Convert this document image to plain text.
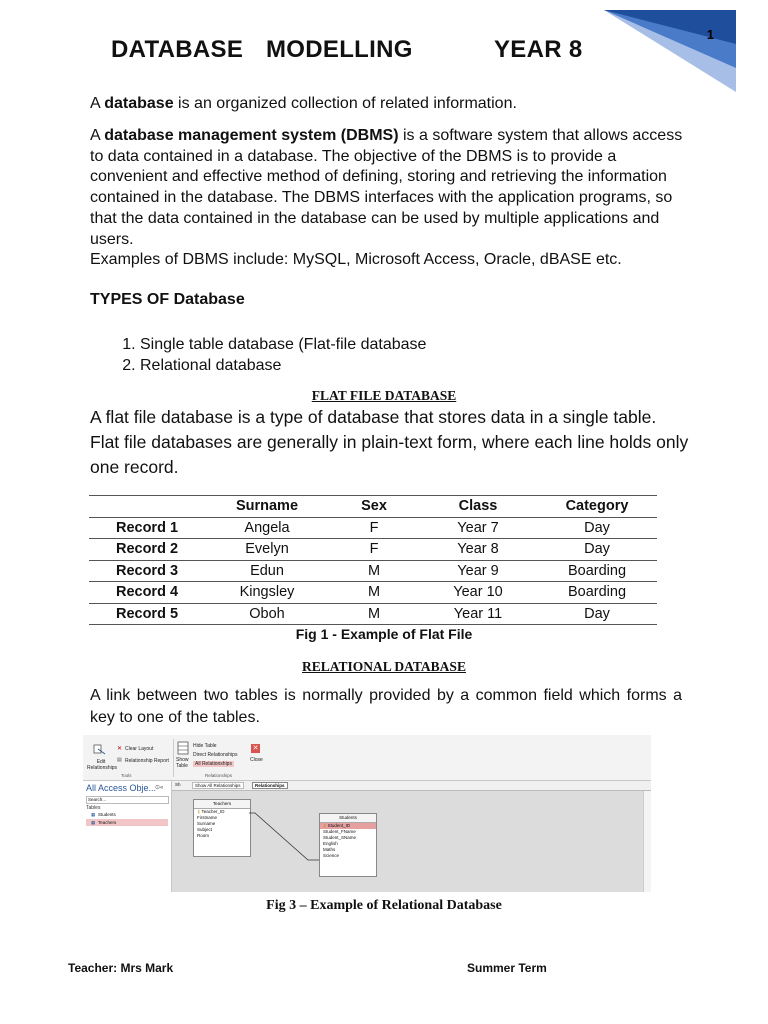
DATABASE MODELLING	YEAR 8
1
A database is an organized collection of related information.
A database management system (DBMS) is a software system that allows access to data contained in a database. The objective of the DBMS is to provide a convenient and effective method of defining, storing and retrieving the information contained in the database. The DBMS interfaces with the application programs, so that the data contained in the database can be used by multiple applications and users.
Examples of DBMS include: MySQL, Microsoft Access, Oracle, dBASE etc.
TYPES OF Database
1. Single table database (Flat-file database
2. Relational database
FLAT FILE DATABASE
A flat file database is a type of database that stores data in a single table. Flat file databases are generally in plain-text form, where each line holds only one record.
	Surname	Sex	Class	Category
Record 1	Angela	F	Year 7	Day
Record 2	Evelyn	F	Year 8	Day
Record 3	Edun	M	Year 9	Boarding
Record 4	Kingsley	M	Year 10	Boarding
Record 5	Oboh	M	Year 11	Day
Fig 1 - Example of Flat File
RELATIONAL DATABASE
A link between two tables is normally provided by a common field which forms a key to one of the tables.
Edit Relationships
✕ Clear Layout
▤ Relationship Report
Tools
Show Table
Hide Table
Direct Relationships
All Relationships
Relationships
✕
Close
All Access Obje...
⊙«
Search...
Tables
▦ Students
▦ Teachers
Sh	Show All Relationships	Relationships
Teachers
⚷ Teacher_ID
Firstname
Surname
Subject
Room
Students
⚷ Student_ID
Student_FName
Student_SName
English
Maths
Science
Fig 3 – Example of Relational Database
Teacher: Mrs Mark	Summer Term
